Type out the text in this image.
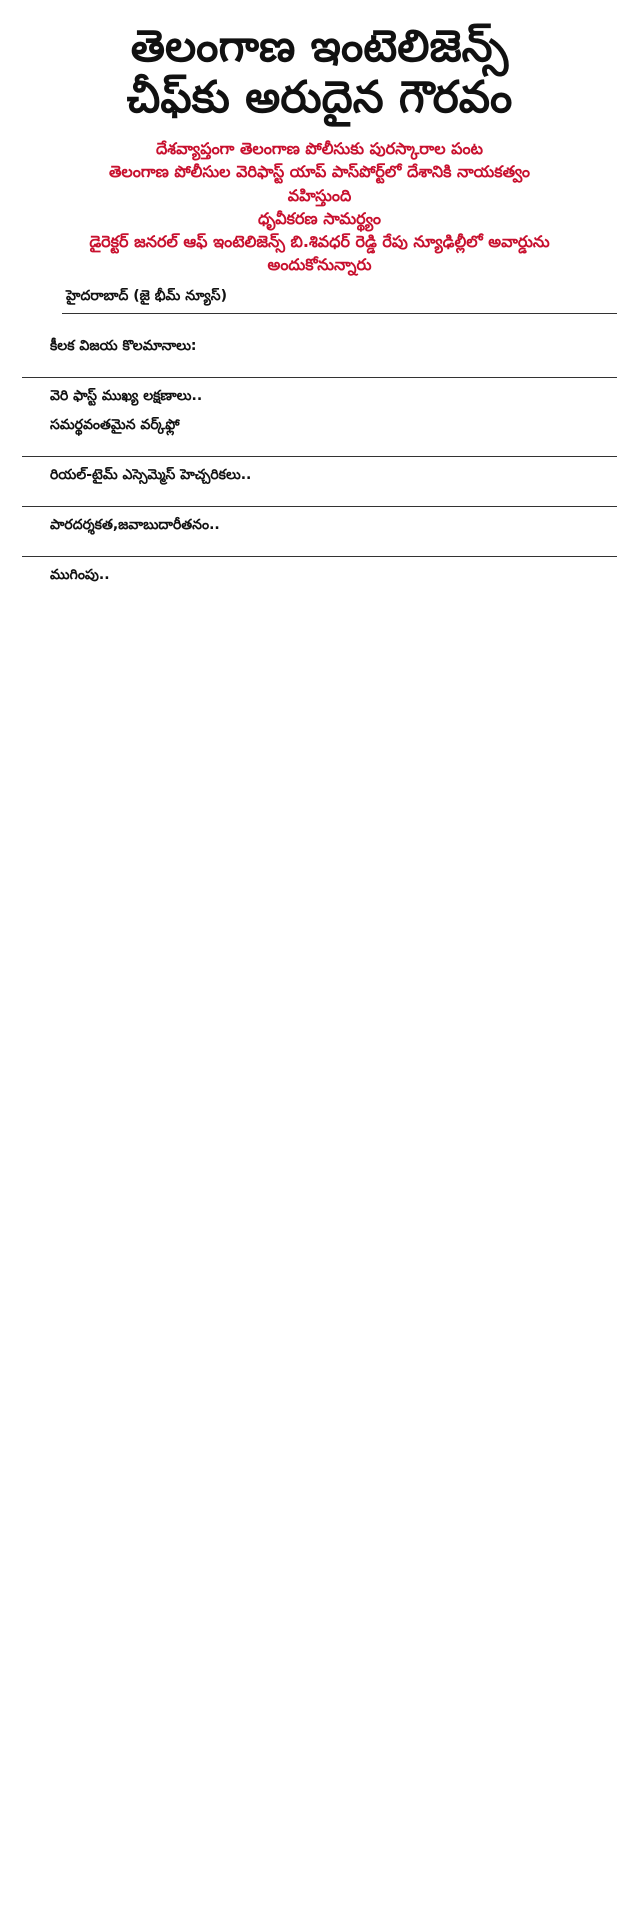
తెలంగాణ ఇంటెలిజెన్స్
చీఫ్‌కు అరుదైన గౌరవం
దేశవ్యాప్తంగా తెలంగాణ పోలీసుకు పురస్కారాల పంట
తెలంగాణ పోలీసుల వెరిఫాస్ట్ యాప్ పాస్‌పోర్ట్‌లో దేశానికి నాయకత్వం
వహిస్తుంది
ధృవీకరణ సామర్థ్యం
డైరెక్టర్ జనరల్ ఆఫ్ ఇంటెలిజెన్స్ బి.శివధర్ రెడ్డి రేపు న్యూఢిల్లీలో అవార్డును
అందుకోనున్నారు
హైదరాబాద్ (జై భీమ్ న్యూస్)

కీలక విజయ కొలమానాలు:

వెరి ఫాస్ట్ ముఖ్య లక్షణాలు..
సమర్థవంతమైన వర్క్‌ఫ్లో

రియల్-టైమ్ ఎస్సెమ్మెస్ హెచ్చరికలు..

పారదర్శకత,జవాబుదారీతనం..

ముగింపు..
